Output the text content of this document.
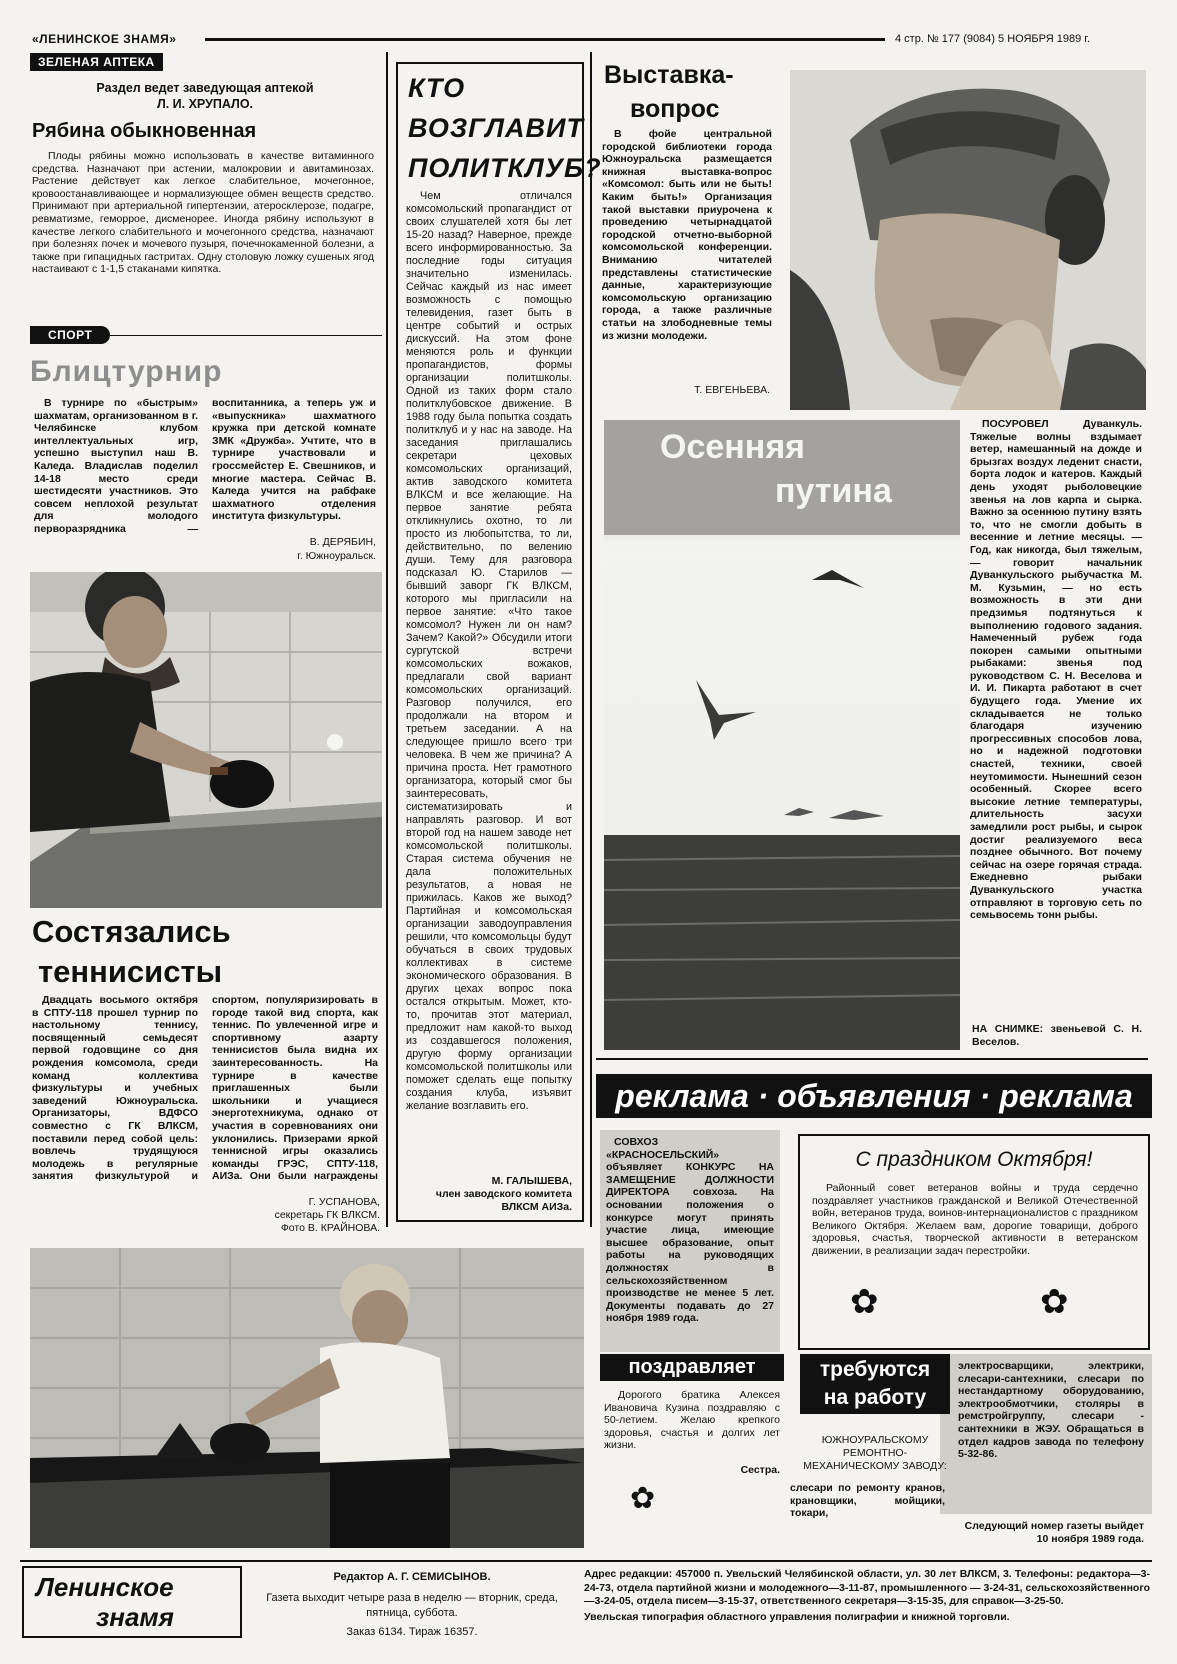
«ЛЕНИНСКОЕ ЗНАМЯ»	4 стр. № 177 (9084) 5 НОЯБРЯ 1989 г.
ЗЕЛЕНАЯ АПТЕКА
Раздел ведет заведующая аптекой
Л. И. ХРУПАЛО.
Рябина обыкновенная
Плоды рябины можно использовать в качестве витаминного средства. Назначают при астении, малокровии и авитаминозах. Растение действует как легкое слабительное, мочегонное, кровоостанавливающее и нормализующее обмен веществ средство. Принимают при артериальной гипертензии, атеросклерозе, подагре, ревматизме, геморрое, дисменорее. Иногда рябину используют в качестве легкого слабительного и мочегонного средства, назначают при болезнях почек и мочевого пузыря, почечнокаменной болезни, а также при гипацидных гастритах. Одну столовую ложку сушеных ягод настаивают с 1-1,5 стаканами кипятка.
СПОРТ
Блицтурнир
В турнире по «быстрым» шахматам, организованном в г. Челябинске клубом интеллектуальных игр, успешно выступил наш В. Каледа. Владислав поделил 14-18 место среди шестидесяти участников. Это совсем неплохой результат для молодого перворазрядника — воспитанника, а теперь уж и «выпускника» шахматного кружка при детской комнате ЗМК «Дружба». Учтите, что в турнире участвовали и гроссмейстер Е. Свешников, и многие мастера. Сейчас В. Каледа учится на рабфаке шахматного отделения института физкультуры.
В. ДЕРЯБИН,
г. Южноуральск.
Состязались
теннисисты
Двадцать восьмого октября в СПТУ-118 прошел турнир по настольному теннису, посвященный семьдесят первой годовщине со дня рождения комсомола, среди команд коллектива физкультуры и учебных заведений Южноуральска. Организаторы, ВДФСО совместно с ГК ВЛКСМ, поставили перед собой цель: вовлечь трудящуюся молодежь в регулярные занятия физкультурой и спортом, популяризировать в городе такой вид спорта, как теннис. По увлеченной игре и спортивному азарту теннисистов была видна их заинтересованность. На турнире в качестве приглашенных были школьники и учащиеся энерготехникума, однако от участия в соревнованиях они уклонились. Призерами яркой теннисной игры оказались команды ГРЭС, СПТУ-118, АИЗа. Они были награждены
Г. УСПАНОВА,
секретарь ГК ВЛКСМ.
Фото В. КРАЙНОВА.
КТО
ВОЗГЛАВИТ
ПОЛИТКЛУБ?
Чем отличался комсомольский пропагандист от своих слушателей хотя бы лет 15-20 назад? Наверное, прежде всего информированностью. За последние годы ситуация значительно изменилась. Сейчас каждый из нас имеет возможность с помощью телевидения, газет быть в центре событий и острых дискуссий. На этом фоне меняются роль и функции пропагандистов, формы организации политшколы. Одной из таких форм стало политклубовское движение. В 1988 году была попытка создать политклуб и у нас на заводе. На заседания приглашались секретари цеховых комсомольских организаций, актив заводского комитета ВЛКСМ и все желающие. На первое занятие ребята откликнулись охотно, то ли просто из любопытства, то ли, действительно, по велению души. Тему для разговора подсказал Ю. Старилов — бывший заворг ГК ВЛКСМ, которого мы пригласили на первое занятие: «Что такое комсомол? Нужен ли он нам? Зачем? Какой?» Обсудили итоги сургутской встречи комсомольских вожаков, предлагали свой вариант комсомольских организаций. Разговор получился, его продолжали на втором и третьем заседании. А на следующее пришло всего три человека. В чем же причина? А причина проста. Нет грамотного организатора, который смог бы заинтересовать, систематизировать и направлять разговор. И вот второй год на нашем заводе нет комсомольской политшколы. Старая система обучения не дала положительных результатов, а новая не прижилась. Каков же выход? Партийная и комсомольская организации заводоуправления решили, что комсомольцы будут обучаться в своих трудовых коллективах в системе экономического образования. В других цехах вопрос пока остался открытым. Может, кто-то, прочитав этот материал, предложит нам какой-то выход из создавшегося положения, другую форму организации комсомольской политшколы или поможет сделать еще попытку создания клуба, изъявит желание возглавить его.
М. ГАЛЫШЕВА,
член заводского комитета ВЛКСМ АИЗа.
Выставка-
вопрос
В фойе центральной городской библиотеки города Южноуральска размещается книжная выставка-вопрос «Комсомол: быть или не быть! Каким быть!» Организация такой выставки приурочена к проведению четырнадцатой городской отчетно-выборной комсомольской конференции. Вниманию читателей представлены статистические данные, характеризующие комсомольскую организацию города, а также различные статьи на злободневные темы из жизни молодежи.
Т. ЕВГЕНЬЕВА.
Осенняя
путина
ПОСУРОВЕЛ Дуванкуль. Тяжелые волны вздымает ветер, намешанный на дожде и брызгах воздух леденит снасти, борта лодок и катеров. Каждый день уходят рыболовецкие звенья на лов карпа и сырка. Важно за осеннюю путину взять то, что не смогли добыть в весенние и летние месяцы. — Год, как никогда, был тяжелым, — говорит начальник Дуванкульского рыбучастка М. М. Кузьмин, — но есть возможность в эти дни предзимья подтянуться к выполнению годового задания. Намеченный рубеж года покорен самыми опытными рыбаками: звенья под руководством С. Н. Веселова и И. И. Пикарта работают в счет будущего года. Умение их складывается не только благодаря изучению прогрессивных способов лова, но и надежной подготовки снастей, техники, своей неутомимости. Нынешний сезон особенный. Скорее всего высокие летние температуры, длительность засухи замедлили рост рыбы, и сырок достиг реализуемого веса позднее обычного. Вот почему сейчас на озере горячая страда. Ежедневно рыбаки Дуванкульского участка отправляют в торговую сеть по семьвосемь тонн рыбы.
НА СНИМКЕ: звеньевой С. Н. Веселов.
реклама · объявления · реклама
СОВХОЗ «КРАСНОСЕЛЬСКИЙ» объявляет КОНКУРС НА ЗАМЕЩЕНИЕ ДОЛЖНОСТИ ДИРЕКТОРА совхоза. На основании положения о конкурсе могут принять участие лица, имеющие высшее образование, опыт работы на руководящих должностях в сельскохозяйственном производстве не менее 5 лет. Документы подавать до 27 ноября 1989 года.
С праздником Октября!
Районный совет ветеранов войны и труда сердечно поздравляет участников гражданской и Великой Отечественной войн, ветеранов труда, воинов-интернационалистов с праздником Великого Октября. Желаем вам, дорогие товарищи, доброго здоровья, счастья, творческой активности в ветеранском движении, в реализации задач перестройки.
✿	✿
поздравляет
Дорогого братика Алексея Ивановича Кузина поздравляю с 50-летием. Желаю крепкого здоровья, счастья и долгих лет жизни.
Сестра.
✿
требуются
на работу
ЮЖНОУРАЛЬСКОМУ РЕМОНТНО-МЕХАНИЧЕСКОМУ ЗАВОДУ:
слесари по ремонту кранов, крановщики, мойщики, токари,
электросварщики, электрики, слесари-сантехники, слесари по нестандартному оборудованию, электрообмотчики, столяры в ремстройгруппу, слесари - сантехники в ЖЭУ. Обращаться в отдел кадров завода по телефону 5-32-86.
Следующий номер газеты выйдет 10 ноября 1989 года.
Ленинское
знамя
Редактор А. Г. СЕМИСЫНОВ.
Газета выходит четыре раза в неделю — вторник, среда, пятница, суббота.
Заказ 6134. Тираж 16357.
Адрес редакции: 457000 п. Увельский Челябинской области, ул. 30 лет ВЛКСМ, 3. Телефоны: редактора—3-24-73, отдела партийной жизни и молодежного—3-11-87, промышленного — 3-24-31, сельскохозяйственного—3-24-05, отдела писем—3-15-37, ответственного секретаря—3-15-35, для справок—3-25-50.
Увельская типография областного управления полиграфии и книжной торговли.
